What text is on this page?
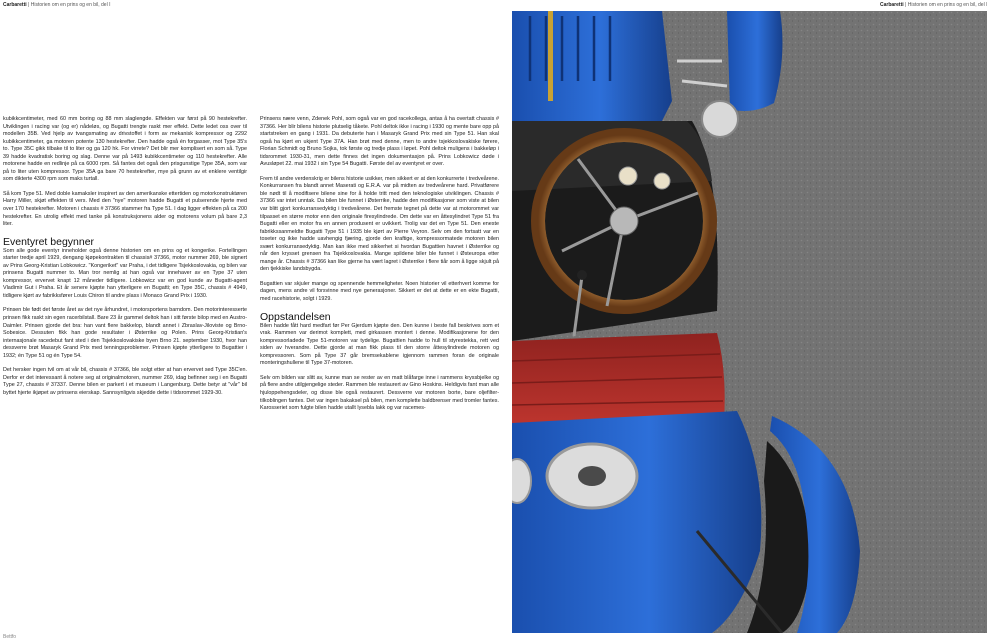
Carbaretti | Historien om en prins og en bil, del I	Carbaretti | Historien om en prins og en bil, del I

kubikkcentimeter, med 60 mm boring og 88 mm slaglengde. Effekten var først på 90 hestekrefter. Utviklingen i racing var (og er) nådeløs, og Bugatti trengte raskt mer effekt. Dette ledet oss over til modellen 35B. Ved hjelp av tvangsmating av drivstoffet i form av mekanisk kompressor og 2292 kubikkcentimeter, ga motoren potente 130 hestekrefter. Den hadde også én forgasser, mot Type 35's to. Type 35C gikk tilbake til to liter og ga 120 hk. For virrete? Det blir mer komplisert en som så. Type 39 hadde kvadratisk boring og slag. Denne var på 1493 kubikkcentimeter og 110 hestekrefter. Alle motorene hadde en redlinje på ca 6000 rpm. Så fantes det også den prisgunstige Type 35A, som var på to liter uten kompressor. Type 35A ga bare 70 hestekrefter, mye på grunn av et enklere ventilgir som dikterte 4300 rpm som maks turtall.

Så kom Type 51. Med doble kamaksler inspirert av den amerikanske ettertiden og motorkonstruktøren Harry Miller, skjøt effekten til vers. Med den "nye" motoren hadde Bugatti et pulserende hjerte med over 170 hestekrefter. Motoren i chassis # 37366 stammer fra Type 51. I dag ligger effekten på ca 200 hestekrefter. En utrolig effekt med tanke på konstruksjonens alder og motorens volum på bare 2,3 liter.

Eventyret begynner

Som alle gode eventyr inneholder også denne historien om en prins og et kongerike. Fortellingen starter tredje april 1929, dengang kjøpekontrakten til chassis# 37366, motor nummer 269, ble signert av Prins Georg-Kristian Lobkowicz. "Kongeriket" var Praha, i det tidligere Tsjekkoslovakia, og bilen var prinsens Bugatti nummer to. Man tror nemlig at han også var innehaver av en Type 37 uten kompressor, ervervet knapt 12 måneder tidligere. Lobkowicz var en god kunde av Bugatti-agent Vladimir Gut i Praha. Et år senere kjøpte han ytterligere en Bugatti; en Type 35C, chassis # 4949, tidligere kjørt av fabrikksfører Louis Chiron til andre plass i Monaco Grand Prix i 1930.

Prinsen ble født det første året av det nye århundret, i motorsportens barndom. Den motorinteresserte prinsen fikk raskt sin egen racerbilstall. Bare 23 år gammel deltok han i sitt første bilop med en Austro-Daimler. Prinsen gjorde det bra: han vant flere bakkelop, blandt annet i Zbraslav-Jiloviste og Brno-Sobesice. Dessuten fikk han gode resultater i Østerrike og Polen. Prins Georg-Kristian's internasjonale racedebut fant sted i den Tsjekkoslovakiske byen Brno 21. september 1930, hvor han dessverre brøt Masaryk Grand Prix med tenningsproblemer. Prinsen kjøpte ytterligere to Bugattier i 1932; én Type 51 og én Type 54.

Det hersker ingen tvil om at vår bil, chassis # 37366, ble solgt etter at han ervervet sed Type 35C'en. Derfor er det interessant å notere seg at originalmotoren, nummer 269, idag befinner seg i en Bugatti Type 27, chassis # 37337. Denne bilen er parkert i et museum i Langenburg. Dette betyr at "vår" bil byttet hjerte ikjøpet av prinsens eierskap. Sannsynligvis skjedde dette i tidsrommet 1929-30.

Prinsens nære venn, Zdenek Pohl, som også var en god racekollega, antas å ha overtatt chassis # 37366. Her blir bilens historie plutselig tåkete. Pohl deltok ikke i racing i 1930 og mente bare opp på startstreken en gang i 1931. Da debuterte han i Masaryk Grand Prix med sin Type 51. Han skal også ha kjørt en ukjent Type 37A. Han brøt med denne, men to andre tsjekkoslovakiske førere, Florian Schmidt og Bruno Sojka, tok første og tredje plass i løpet. Pohl deltok muligens i bakkeløp i tidsrommet 1930-31, men dette finnes det ingen dokumentasjon på. Prins Lobkowicz døde i Avusløpet 22. mai 1932 i sin Type 54 Bugatti. Første del av eventyret er over.

Frem til andre verdenskrig er bilens historie usikker, men sikkert er at den konkurrerte i tredveårene. Konkurransen fra blandt annet Maserati og E.R.A. var på midten av tredveårene hard. Privatførere ble nødt til å modifisere bilene sine for å holde tritt med den teknologiske utviklingen. Chassis # 37366 var intet unntak. Da bilen ble funnet i Østerrike, hadde den modifikasjoner som viste at bilen var blitt gjort konkurransedyktig i tredveårene. Det fremste tegnet på dette var at motorommet var tilpasset en større motor enn den originale firesylindrede. Om dette var en åttesylindret Type 51 fra Bugatti eller en motor fra en annen produsent er uvikkert. Trolig var det en Type 51. Den eneste fabrikkssanmeldte Bugatti Type 51 i 1935 ble kjørt av Pierre Veyron. Selv om den fortsatt var en toseter og ikke hadde uavhengig fjæring, gjorde den kraftige, kompressormatede motoren bilen svært konkurransedyktig. Man kan ikke med sikkerhet si hvordan Bugattien havnet i Østerrike og når den krysset grensen fra Tsjekkoslovakia. Mange spildene biler ble funnet i Østeuropa etter mange år. Chassis # 37366 kan like gjerne ha vært lagret i Østerrike i flere tiår som å ligge skjult på den tjekkiske landsbygda.

Bugattien var skjuler mange og spennende hemmeligheter. Noen historier vil etterhvert komme for dagen, mens andre vil forsvinne med nye generasjoner. Sikkert er det at dette er en ekte Bugatti, med racehistorie, solgt i 1929.

Oppstandelsen

Bilen hadde fått hard medfart før Per Gjerdum kjøpte den. Den kunne i beste fall beskrives som et vrak. Rammen var derimot komplett, med girkassen montert i denne. Modifikasjonene for den kompressorladede Type 51-motoren var tydelige. Bugattien hadde to hull til styrestekka, rett ved siden av hverandre. Dette gjorde at man fikk plass til den storre åttesylindrede motoren og kompressoren. Som på Type 37 går bremsekablene igjennom rammen foran de originale monteringshullene til Type 37-motoren.

Selv om bilden var slitt av, kunne man se rester av en matt blåfarge inne i rammens kryssbjelke og på flere andre utilgjengelige steder. Rammen ble restaurert av Gino Hoskins. Heldigvis fant man alle hjuloppehengsdeler, og disse ble også restaurert. Dessverre var motoren borte, bare oljefilter-tilkoblingen fantes. Det var ingen bakaksel på bilen, men komplette baldbrenser med tromler fantes. Karosseriet som fulgte bilen hadde utallt lysebla lakk og var racemes-

Bettfo
